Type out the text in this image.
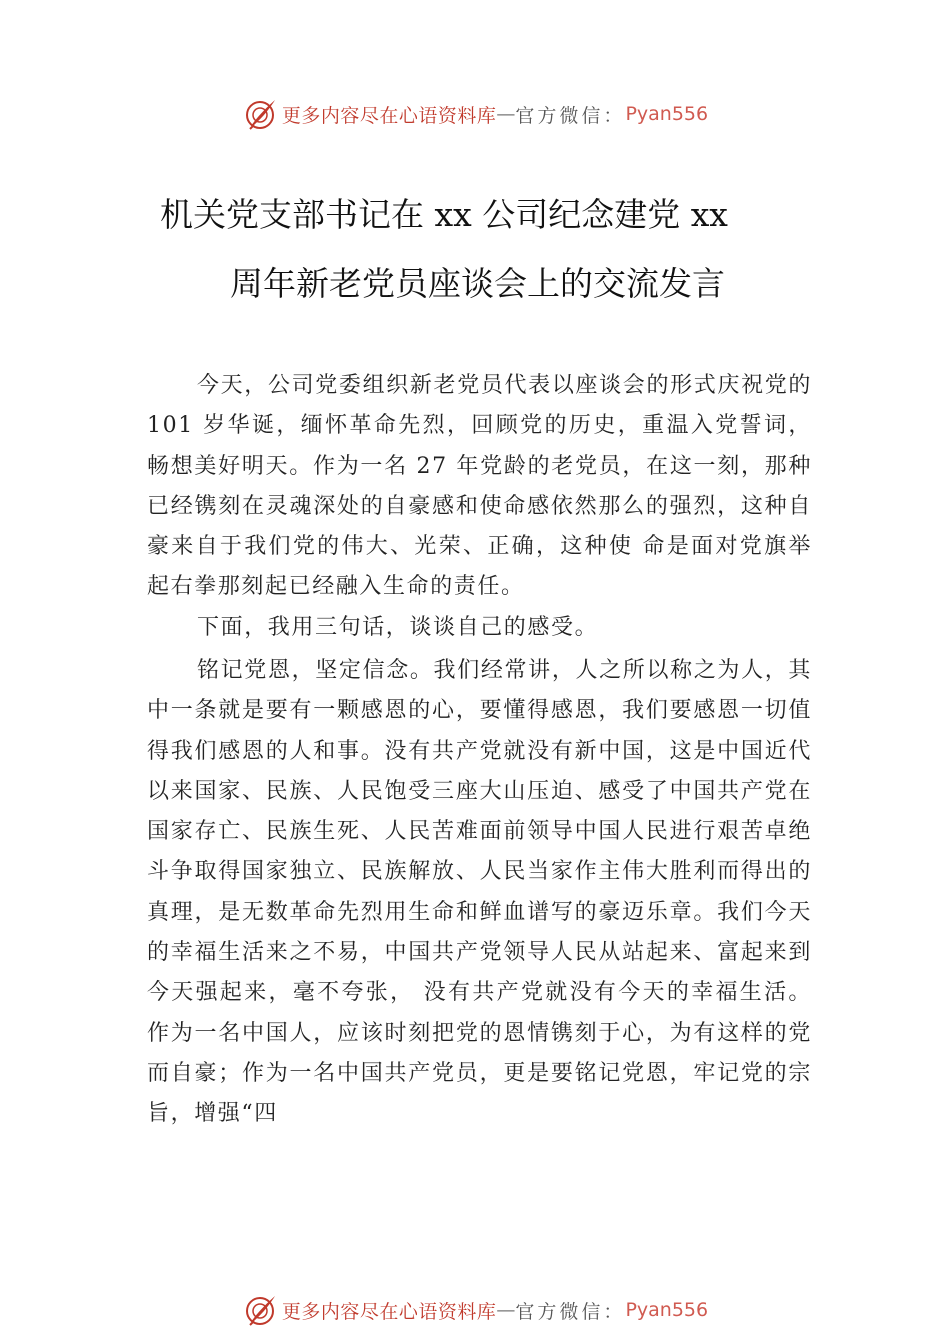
更多内容尽在心语资料库 — 官方微信： Pyan556
机关党支部书记在 xx 公司纪念建党 xx
周年新老党员座谈会上的交流发言
今天，公司党委组织新老党员代表以座谈会的形式庆祝党的 101 岁华诞，缅怀革命先烈，回顾党的历史，重温入党誓词，畅想美好明天。作为一名 27 年党龄的老党员，在这一刻，那种已经镌刻在灵魂深处的自豪感和使命感依然那么的强烈，这种自豪来自于我们党的伟大、光荣、正确，这种使 命是面对党旗举起右拳那刻起已经融入生命的责任。
下面，我用三句话，谈谈自己的感受。
铭记党恩，坚定信念。我们经常讲，人之所以称之为人，其中一条就是要有一颗感恩的心，要懂得感恩，我们要感恩一切值得我们感恩的人和事。没有共产党就没有新中国，这是中国近代以来国家、民族、人民饱受三座大山压迫、感受了中国共产党在国家存亡、民族生死、人民苦难面前领导中国人民进行艰苦卓绝斗争取得国家独立、民族解放、人民当家作主伟大胜利而得出的真理，是无数革命先烈用生命和鲜血谱写的豪迈乐章。我们今天的幸福生活来之不易，中国共产党领导人民从站起来、富起来到今天强起来，毫不夸张， 没有共产党就没有今天的幸福生活。作为一名中国人，应该时刻把党的恩情镌刻于心，为有这样的党而自豪；作为一名中国共产党员，更是要铭记党恩，牢记党的宗旨，增强“四
更多内容尽在心语资料库 — 官方微信： Pyan556
